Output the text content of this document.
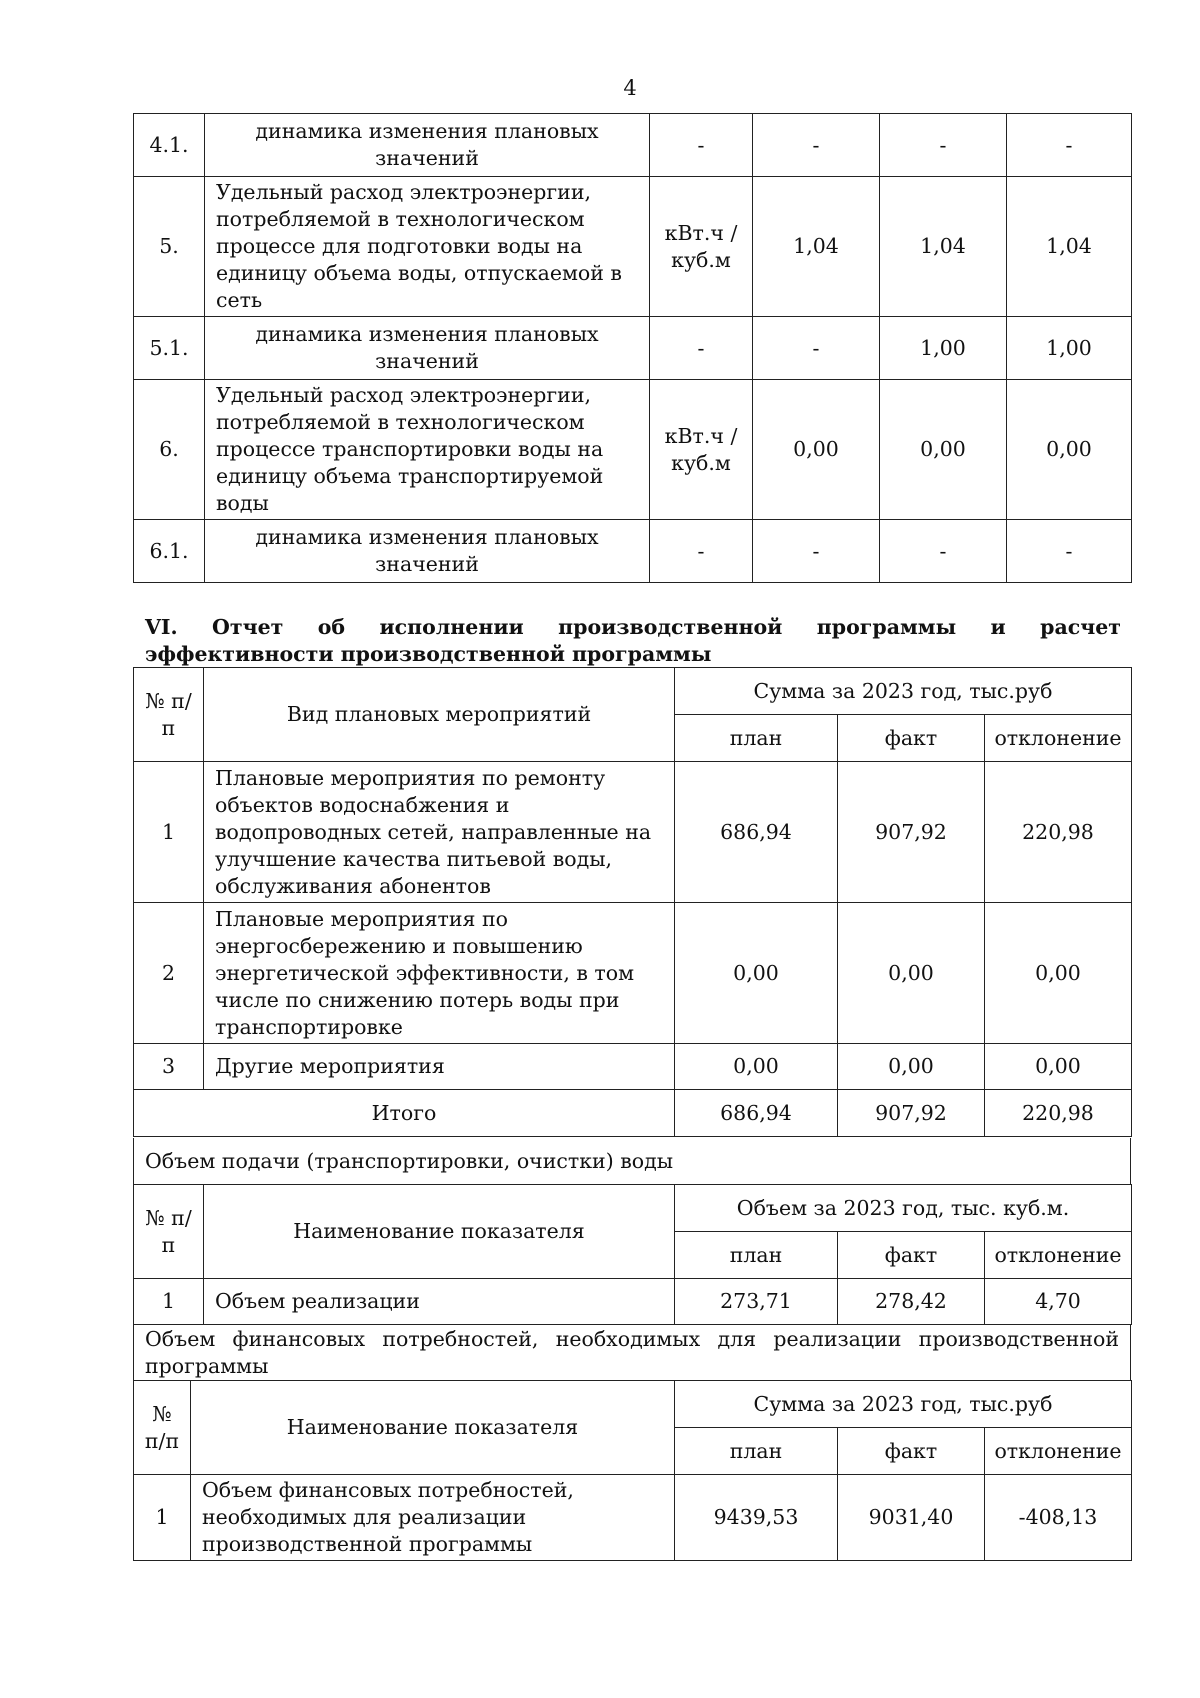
4
4.1.	динамика изменения плановых значений	-	-	-	-
5.	Удельный расход электроэнергии, потребляемой в технологическом процессе для подготовки воды на единицу объема воды, отпускаемой в сеть	кВт.ч / куб.м	1,04	1,04	1,04
5.1.	динамика изменения плановых значений	-	-	1,00	1,00
6.	Удельный расход электроэнергии, потребляемой в технологическом процессе транспортировки воды на единицу объема транспортируемой воды	кВт.ч / куб.м	0,00	0,00	0,00
6.1.	динамика изменения плановых значений	-	-	-	-
VI. Отчет об исполнении производственной программы и расчет эффективности производственной программы
№ п/п	Вид плановых мероприятий	Сумма за 2023 год, тыс.руб		
		план	факт	отклонение
1	Плановые мероприятия по ремонту объектов водоснабжения и водопроводных сетей, направленные на улучшение качества питьевой воды, обслуживания абонентов	686,94	907,92	220,98
2	Плановые мероприятия по энергосбережению и повышению энергетической эффективности, в том числе по снижению потерь воды при транспортировке	0,00	0,00	0,00
3	Другие мероприятия	0,00	0,00	0,00
Итого		686,94	907,92	220,98
Объем подачи (транспортировки, очистки) воды
№ п/п	Наименование показателя	Объем за 2023 год, тыс. куб.м.		
		план	факт	отклонение
1	Объем реализации	273,71	278,42	4,70
Объем финансовых потребностей, необходимых для реализации производственной программы
№ п/п	Наименование показателя	Сумма за 2023 год, тыс.руб		
		план	факт	отклонение
1	Объем финансовых потребностей, необходимых для реализации производственной программы	9439,53	9031,40	-408,13
